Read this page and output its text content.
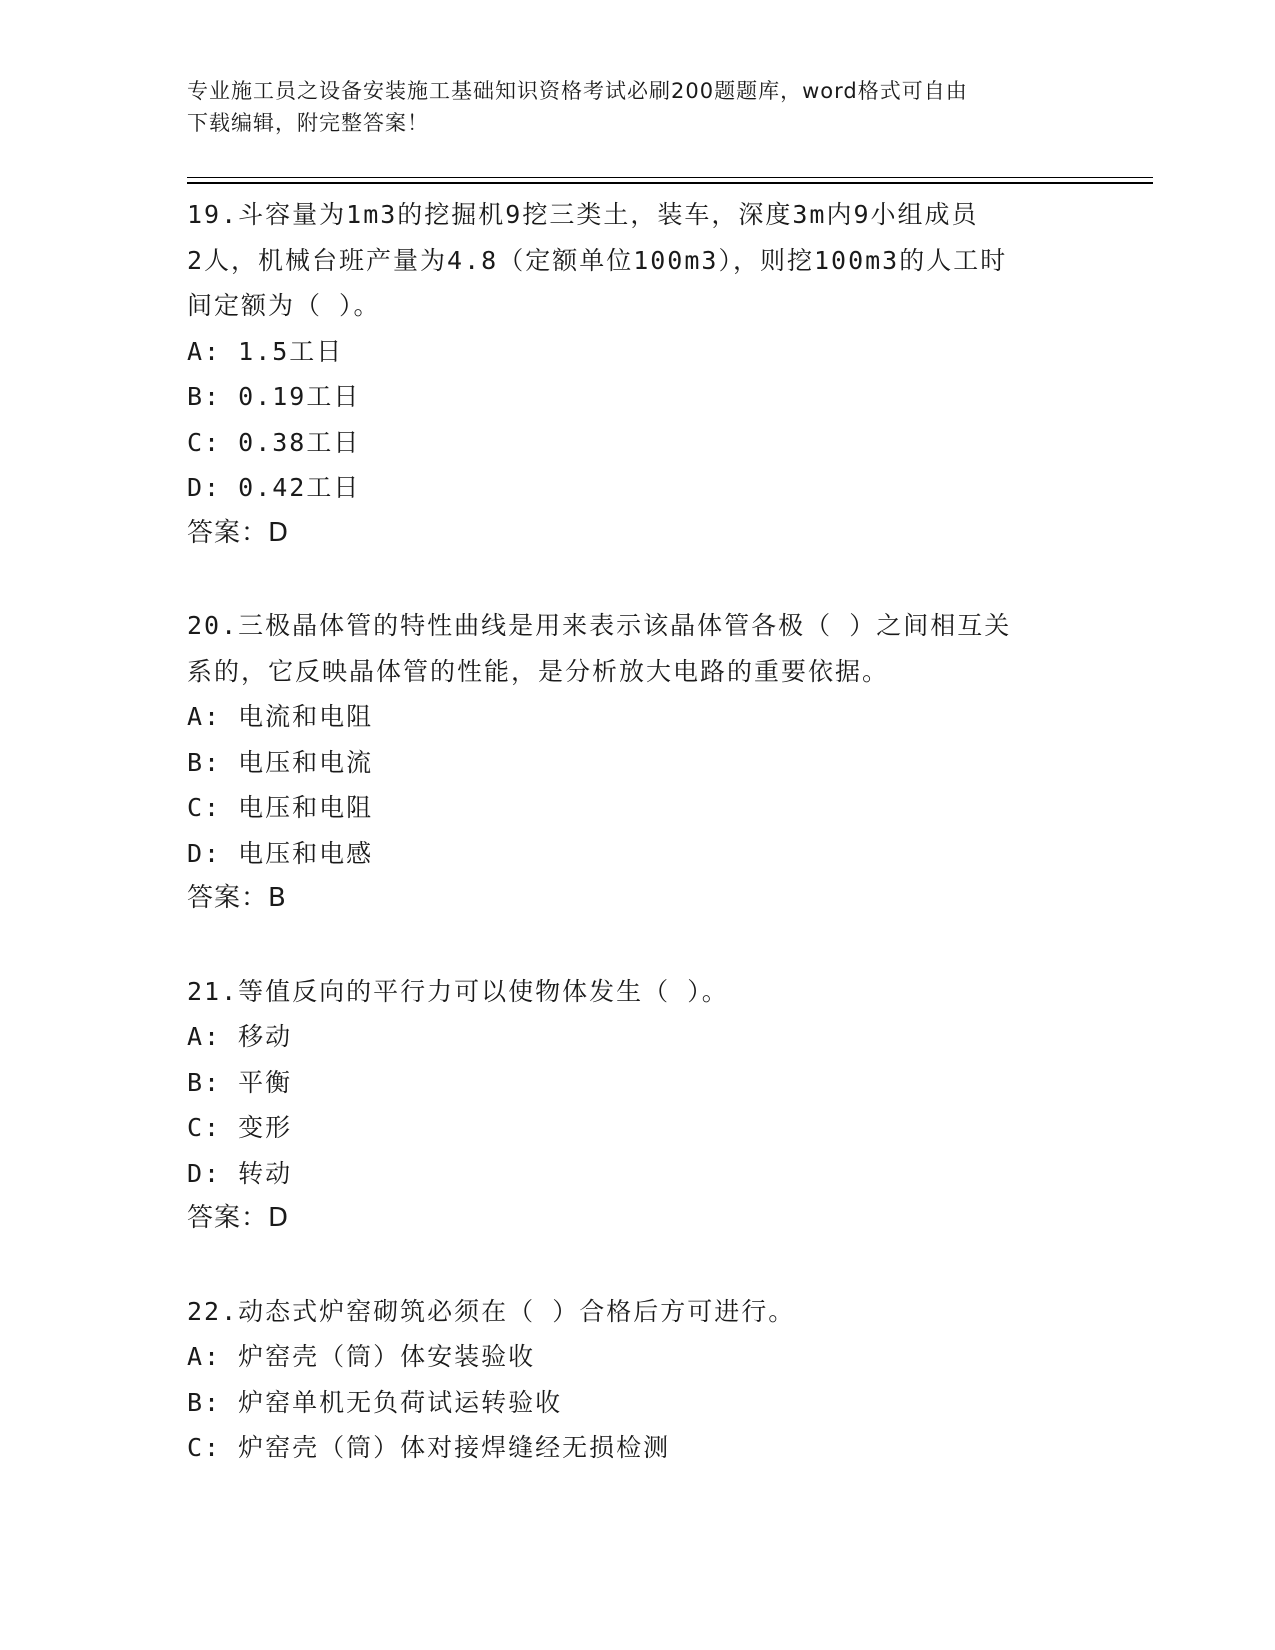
专业施工员之设备安装施工基础知识资格考试必刷200题题库，word格式可自由
下载编辑，附完整答案！
19.斗容量为1m3的挖掘机9挖三类土，装车，深度3m内9小组成员
2人，机械台班产量为4.8（定额单位100m3），则挖100m3的人工时
间定额为（ ）。
A: 1.5工日
B: 0.19工日
C: 0.38工日
D: 0.42工日
答案：D
20.三极晶体管的特性曲线是用来表示该晶体管各极（ ）之间相互关
系的，它反映晶体管的性能，是分析放大电路的重要依据。
A: 电流和电阻
B: 电压和电流
C: 电压和电阻
D: 电压和电感
答案：B
21.等值反向的平行力可以使物体发生（ ）。
A: 移动
B: 平衡
C: 变形
D: 转动
答案：D
22.动态式炉窑砌筑必须在（ ）合格后方可进行。
A: 炉窑壳（筒）体安装验收
B: 炉窑单机无负荷试运转验收
C: 炉窑壳（筒）体对接焊缝经无损检测
